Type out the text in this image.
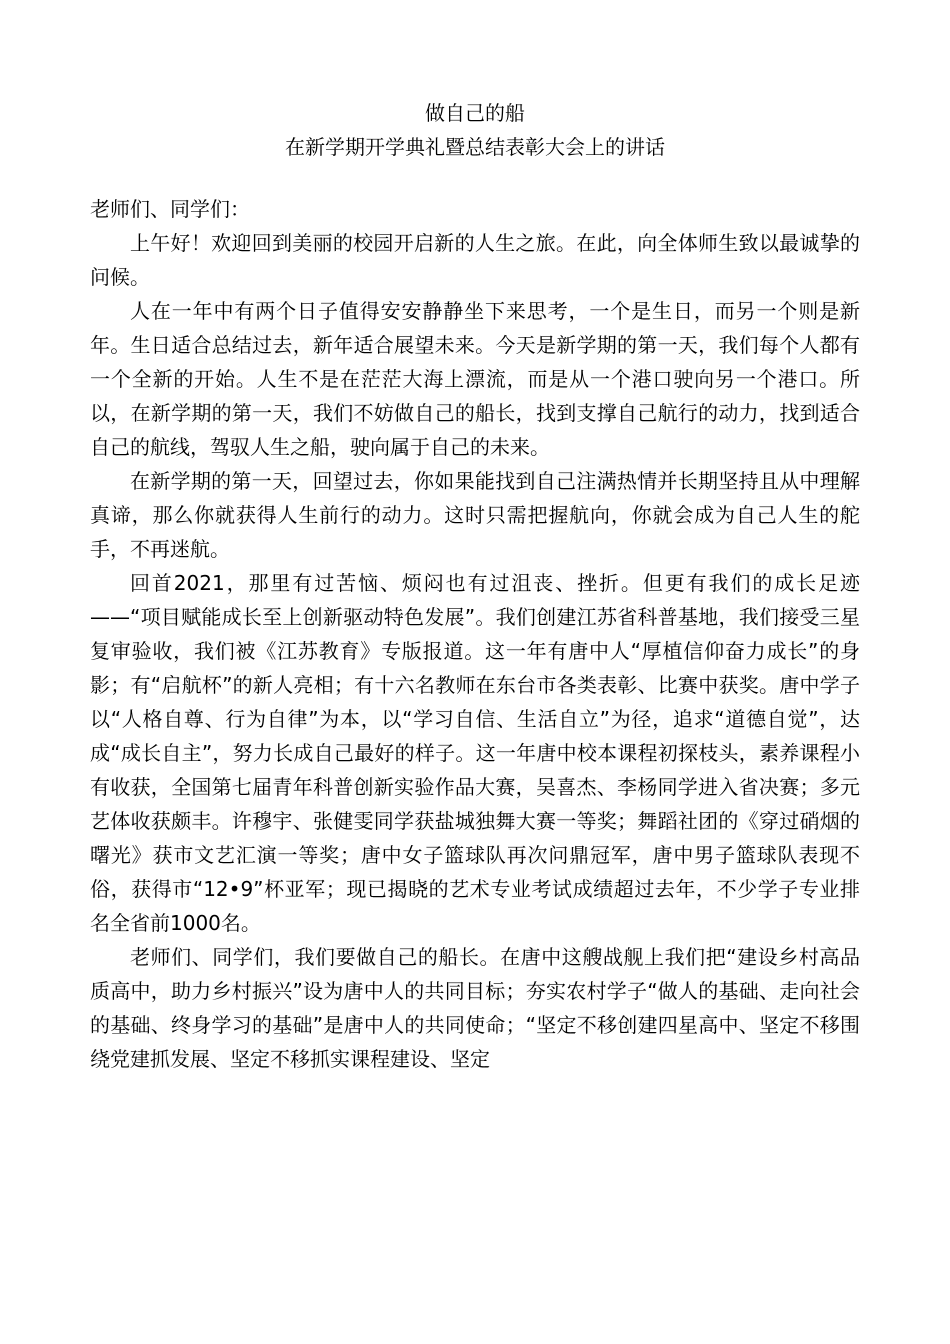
做自己的船
在新学期开学典礼暨总结表彰大会上的讲话

老师们、同学们：

上午好！欢迎回到美丽的校园开启新的人生之旅。在此，向全体师生致以最诚挚的问候。

人在一年中有两个日子值得安安静静坐下来思考，一个是生日，而另一个则是新年。生日适合总结过去，新年适合展望未来。今天是新学期的第一天，我们每个人都有一个全新的开始。人生不是在茫茫大海上漂流，而是从一个港口驶向另一个港口。所以，在新学期的第一天，我们不妨做自己的船长，找到支撑自己航行的动力，找到适合自己的航线，驾驭人生之船，驶向属于自己的未来。

在新学期的第一天，回望过去，你如果能找到自己注满热情并长期坚持且从中理解真谛，那么你就获得人生前行的动力。这时只需把握航向，你就会成为自己人生的舵手，不再迷航。

回首2021，那里有过苦恼、烦闷也有过沮丧、挫折。但更有我们的成长足迹——“项目赋能成长至上创新驱动特色发展”。我们创建江苏省科普基地，我们接受三星复审验收，我们被《江苏教育》专版报道。这一年有唐中人“厚植信仰奋力成长”的身影；有“启航杯”的新人亮相；有十六名教师在东台市各类表彰、比赛中获奖。唐中学子以“人格自尊、行为自律”为本，以“学习自信、生活自立”为径，追求“道德自觉”，达成“成长自主”，努力长成自己最好的样子。这一年唐中校本课程初探枝头，素养课程小有收获，全国第七届青年科普创新实验作品大赛，吴喜杰、李杨同学进入省决赛；多元艺体收获颇丰。许穆宇、张健雯同学获盐城独舞大赛一等奖；舞蹈社团的《穿过硝烟的曙光》获市文艺汇演一等奖；唐中女子篮球队再次问鼎冠军，唐中男子篮球队表现不俗，获得市“12•9”杯亚军；现已揭晓的艺术专业考试成绩超过去年，不少学子专业排名全省前1000名。

老师们、同学们，我们要做自己的船长。在唐中这艘战舰上我们把“建设乡村高品质高中，助力乡村振兴”设为唐中人的共同目标；夯实农村学子“做人的基础、走向社会的基础、终身学习的基础”是唐中人的共同使命；“坚定不移创建四星高中、坚定不移围绕党建抓发展、坚定不移抓实课程建设、坚定
